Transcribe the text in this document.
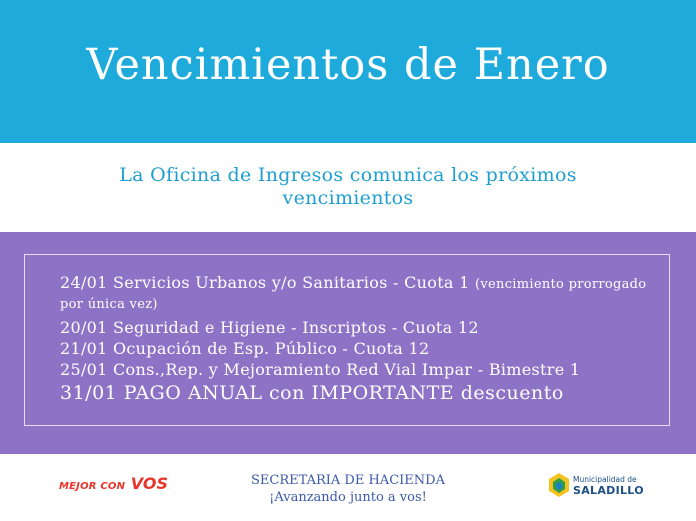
Vencimientos de Enero
La Oficina de Ingresos comunica los próximos vencimientos
24/01 Servicios Urbanos y/o Sanitarios - Cuota 1 (vencimiento prorrogado por única vez)
20/01 Seguridad e Higiene - Inscriptos - Cuota 12
21/01 Ocupación de Esp. Público - Cuota 12
25/01 Cons.,Rep. y Mejoramiento Red Vial Impar - Bimestre 1
31/01 PAGO ANUAL con IMPORTANTE descuento
MEJOR CON VOS	SECRETARIA DE HACIENDA
¡Avanzando junto a vos!
Municipalidad de
SALADILLO
